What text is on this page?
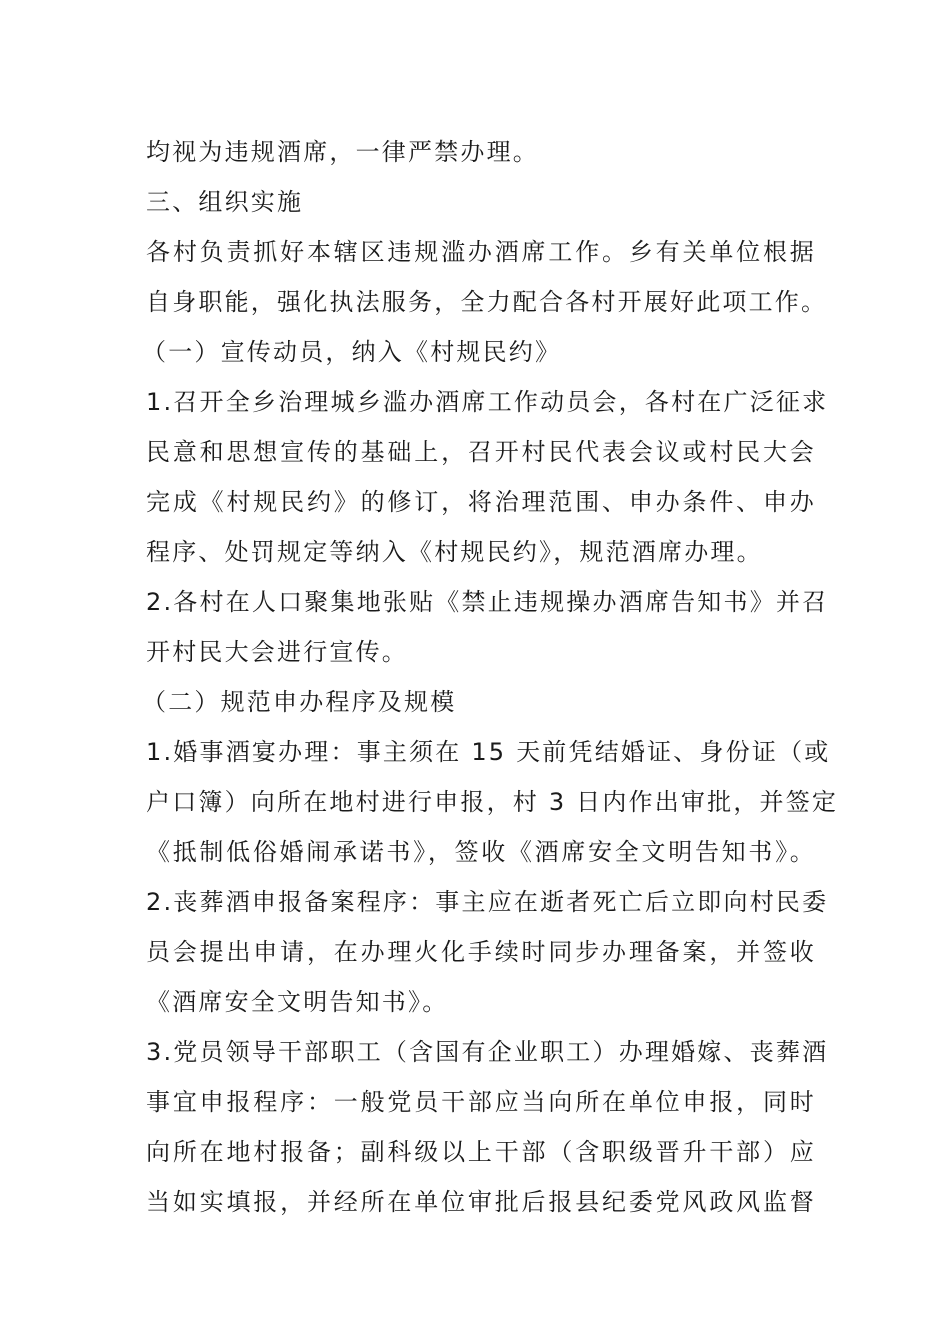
均视为违规酒席，一律严禁办理。
三、组织实施
各村负责抓好本辖区违规滥办酒席工作。乡有关单位根据
自身职能，强化执法服务，全力配合各村开展好此项工作。
（一）宣传动员，纳入《村规民约》
1.召开全乡治理城乡滥办酒席工作动员会，各村在广泛征求
民意和思想宣传的基础上，召开村民代表会议或村民大会
完成《村规民约》的修订，将治理范围、申办条件、申办
程序、处罚规定等纳入《村规民约》，规范酒席办理。
2.各村在人口聚集地张贴《禁止违规操办酒席告知书》并召
开村民大会进行宣传。
（二）规范申办程序及规模
1.婚事酒宴办理：事主须在 15 天前凭结婚证、身份证（或
户口簿）向所在地村进行申报，村 3 日内作出审批，并签定
《抵制低俗婚闹承诺书》，签收《酒席安全文明告知书》。
2.丧葬酒申报备案程序：事主应在逝者死亡后立即向村民委
员会提出申请，在办理火化手续时同步办理备案，并签收
《酒席安全文明告知书》。
3.党员领导干部职工（含国有企业职工）办理婚嫁、丧葬酒
事宜申报程序：一般党员干部应当向所在单位申报，同时
向所在地村报备；副科级以上干部（含职级晋升干部）应
当如实填报，并经所在单位审批后报县纪委党风政风监督
